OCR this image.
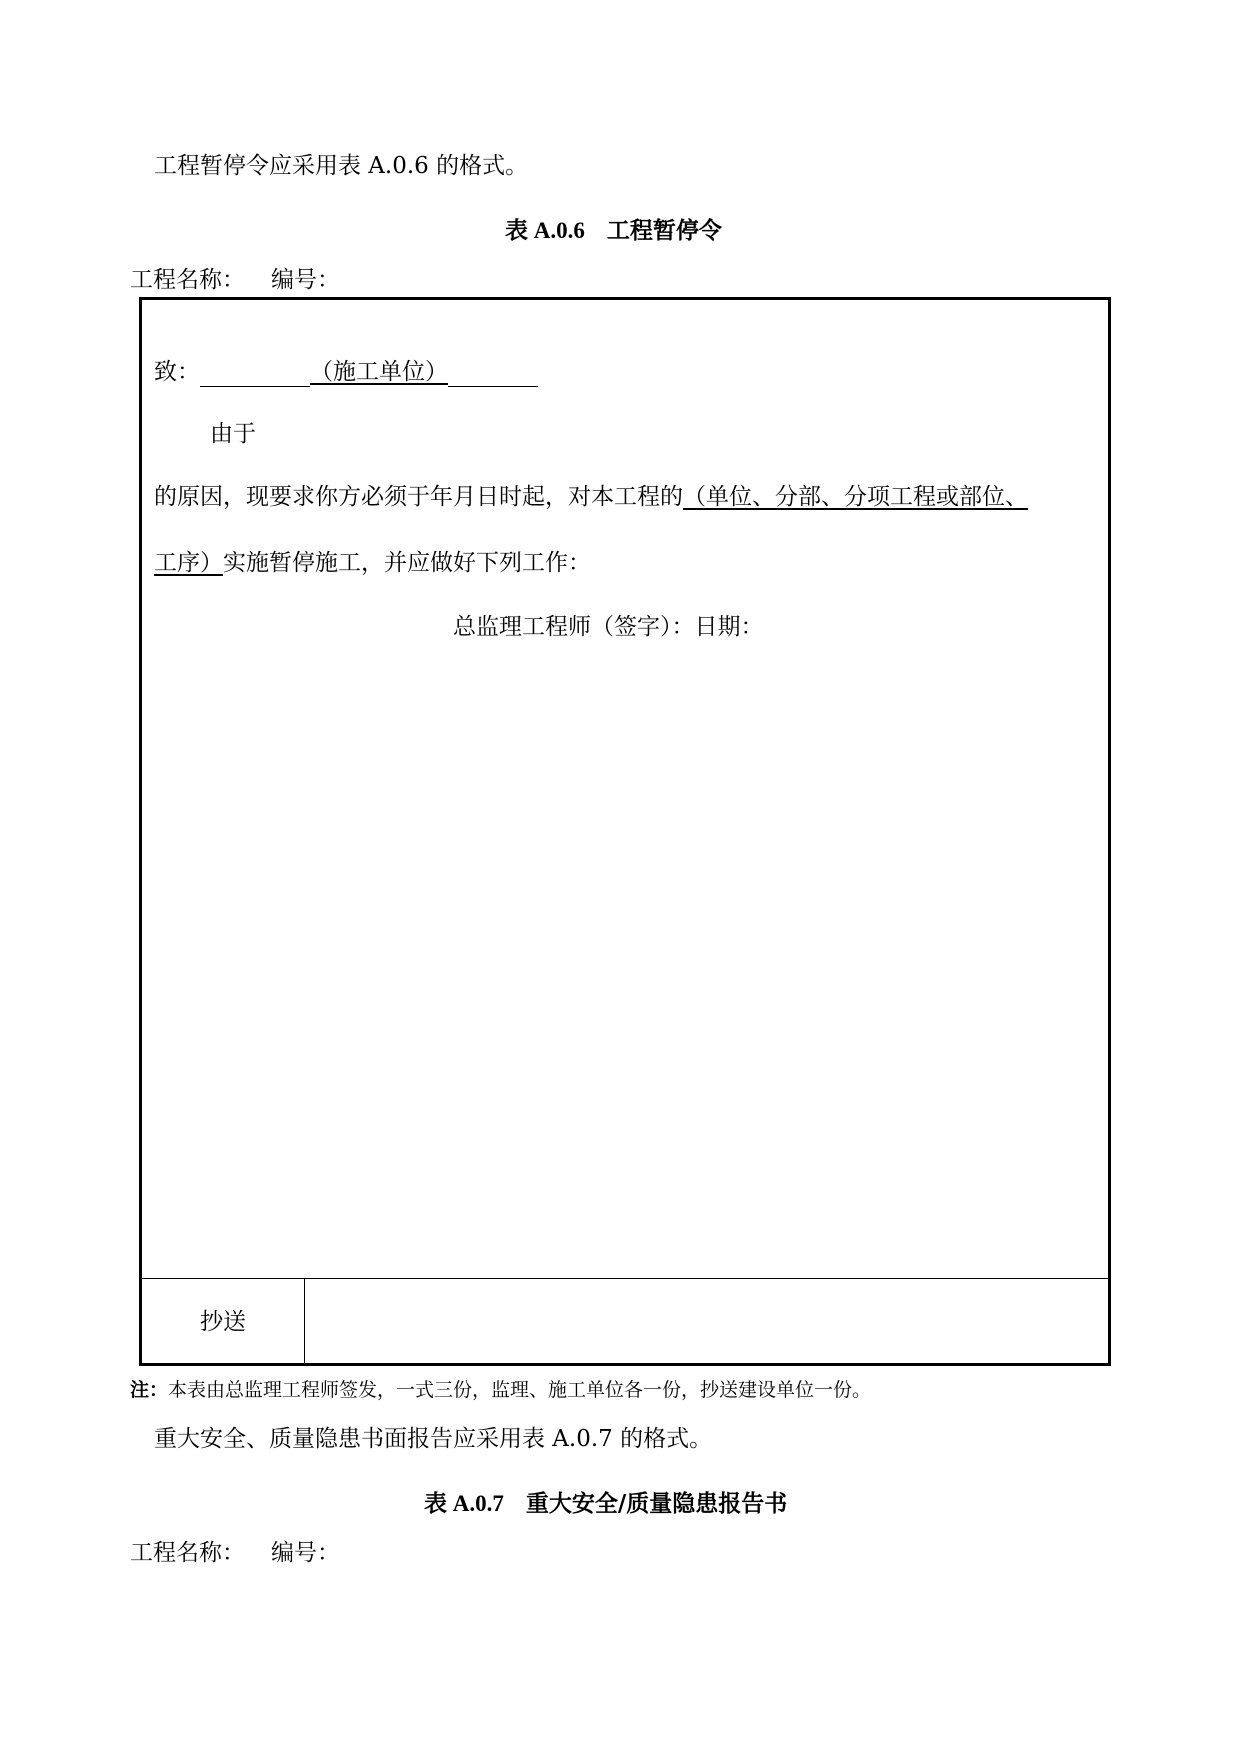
工程暂停令应采用表 A.0.6 的格式。
表 A.0.6 工程暂停令
工程名称： 编号：
致：	（施工单位）
由于
的原因，现要求你方必须于年月日时起，对本工程的（单位、分部、分项工程或部位、
工序）实施暂停施工，并应做好下列工作：
总监理工程师（签字）：日期：
抄送
注：本表由总监理工程师签发，一式三份，监理、施工单位各一份，抄送建设单位一份。
重大安全、质量隐患书面报告应采用表 A.0.7 的格式。
表 A.0.7 重大安全/质量隐患报告书
工程名称： 编号：
